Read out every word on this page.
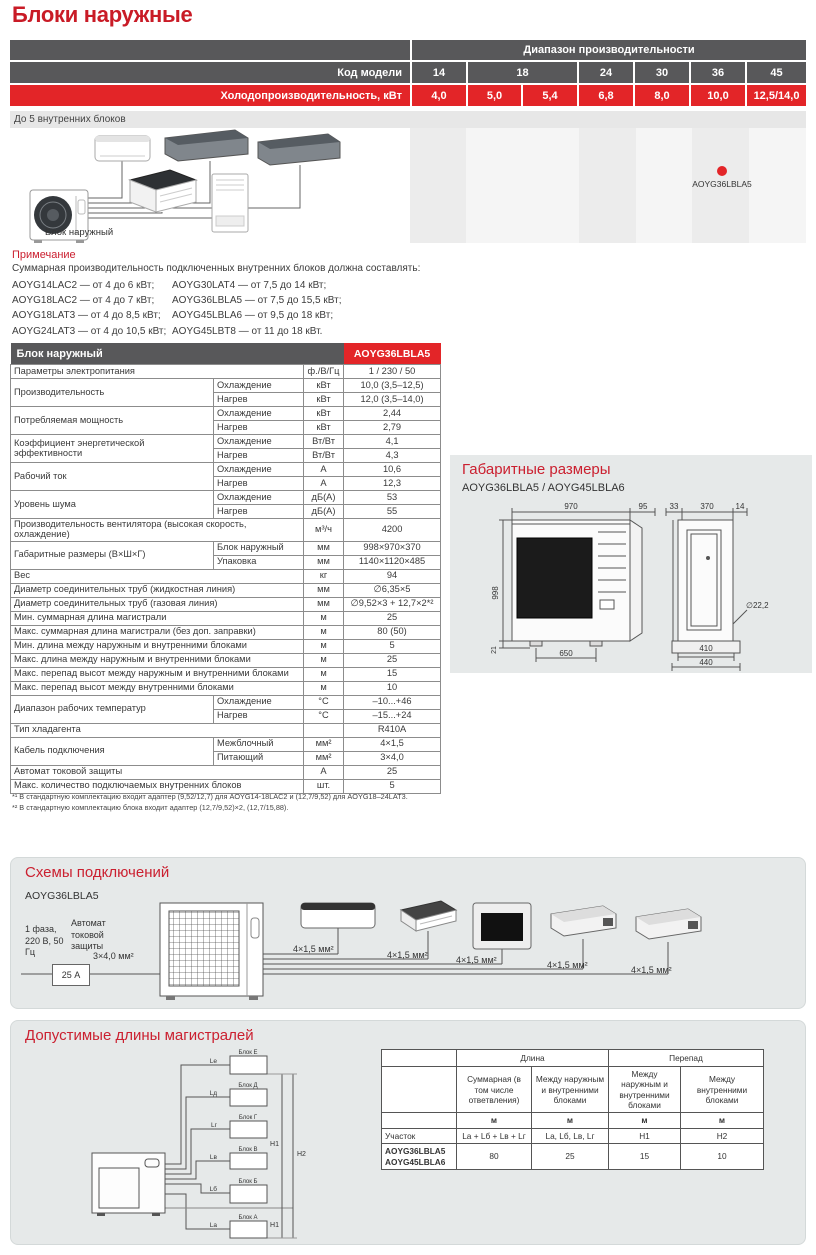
Блоки наружные
Диапазон производительности
Код модели	14	18	24	30	36	45
Холодопроизводительность, кВт	4,0	5,0	5,4	6,8	8,0	10,0	12,5/14,0
До 5 внутренних блоков
Блок наружный
AOYG36LBLA5
Примечание
Суммарная производительность подключенных внутренних блоков должна составлять:
AOYG14LAC2 — от 4 до 6 кВт;
AOYG18LAC2 — от 4 до 7 кВт;
AOYG18LAT3 — от 4 до 8,5 кВт;
AOYG24LAT3 — от 4 до 10,5 кВт;
AOYG30LAT4 — от 7,5 до 14 кВт;
AOYG36LBLA5 — от 7,5 до 15,5 кВт;
AOYG45LBLA6 — от 9,5 до 18 кВт;
AOYG45LBT8 — от 11 до 18 кВт.
Блок наружный			AOYG36LBLA5
Параметры электропитания		ф./В/Гц	1 / 230 / 50
Производительность	Охлаждение	кВт	10,0 (3,5–12,5)
	Нагрев	кВт	12,0 (3,5–14,0)
Потребляемая мощность	Охлаждение	кВт	2,44
	Нагрев	кВт	2,79
Коэффициент энергетической эффективности	Охлаждение	Вт/Вт	4,1
	Нагрев	Вт/Вт	4,3
Рабочий ток	Охлаждение	А	10,6
	Нагрев	А	12,3
Уровень шума	Охлаждение	дБ(А)	53
	Нагрев	дБ(А)	55
Производительность вентилятора (высокая скорость, охлаждение)		м³/ч	4200
Габаритные размеры (В×Ш×Г)	Блок наружный	мм	998×970×370
	Упаковка	мм	1140×1120×485
Вес		кг	94
Диаметр соединительных труб (жидкостная линия)		мм	∅6,35×5
Диаметр соединительных труб (газовая линия)		мм	∅9,52×3 + 12,7×2*²
Мин. суммарная длина магистрали		м	25
Макс. суммарная длина магистрали (без доп. заправки)		м	80 (50)
Мин. длина между наружным и внутренними блоками		м	5
Макс. длина между наружным и внутренними блоками		м	25
Макс. перепад высот между наружным и внутренними блоками		м	15
Макс. перепад высот между внутренними блоками		м	10
Диапазон рабочих температур	Охлаждение	°С	–10...+46
	Нагрев	°С	–15...+24
Тип хладагента			R410A
Кабель подключения	Межблочный	мм²	4×1,5
	Питающий	мм²	3×4,0
Автомат токовой защиты		А	25
Макс. количество подключаемых внутренних блоков		шт.	5
*¹ В стандартную комплектацию входит адаптер (9,52/12,7) для AOYG14-18LAC2 и (12,7/9,52) для AOYG18–24LAT3.
*² В стандартную комплектацию блока входит адаптер (12,7/9,52)×2, (12,7/15,88).
Габаритные размеры
AOYG36LBLA5 / AOYG45LBLA6
970	95
998
21	650
33	370	14
410
440
∅22,2
Схемы подключений
AOYG36LBLA5
1 фаза, 220 В, 50 Гц
Автомат токовой защиты
25 А
3×4,0 мм²
4×1,5 мм²
4×1,5 мм²	4×1,5 мм²	4×1,5 мм²	4×1,5 мм²
Допустимые длины магистралей
Блок Е
Блок Д
Блок Г
Блок В
Блок Б
Блок А
Lе
Lд
Lг
Lв
Lб
Lа
H1
H2
H1
	Длина		Перепад	
	Суммарная (в том числе ответвления)	Между наружным и внутренними блоками	Между наружным и внутренними блоками	Между внутренними блоками
	м	м	м	м
Участок	Lа + Lб + Lв + Lг	Lа, Lб, Lв, Lг	H1	H2
AOYG36LBLA5 AOYG45LBLA6	80	25	15	10
